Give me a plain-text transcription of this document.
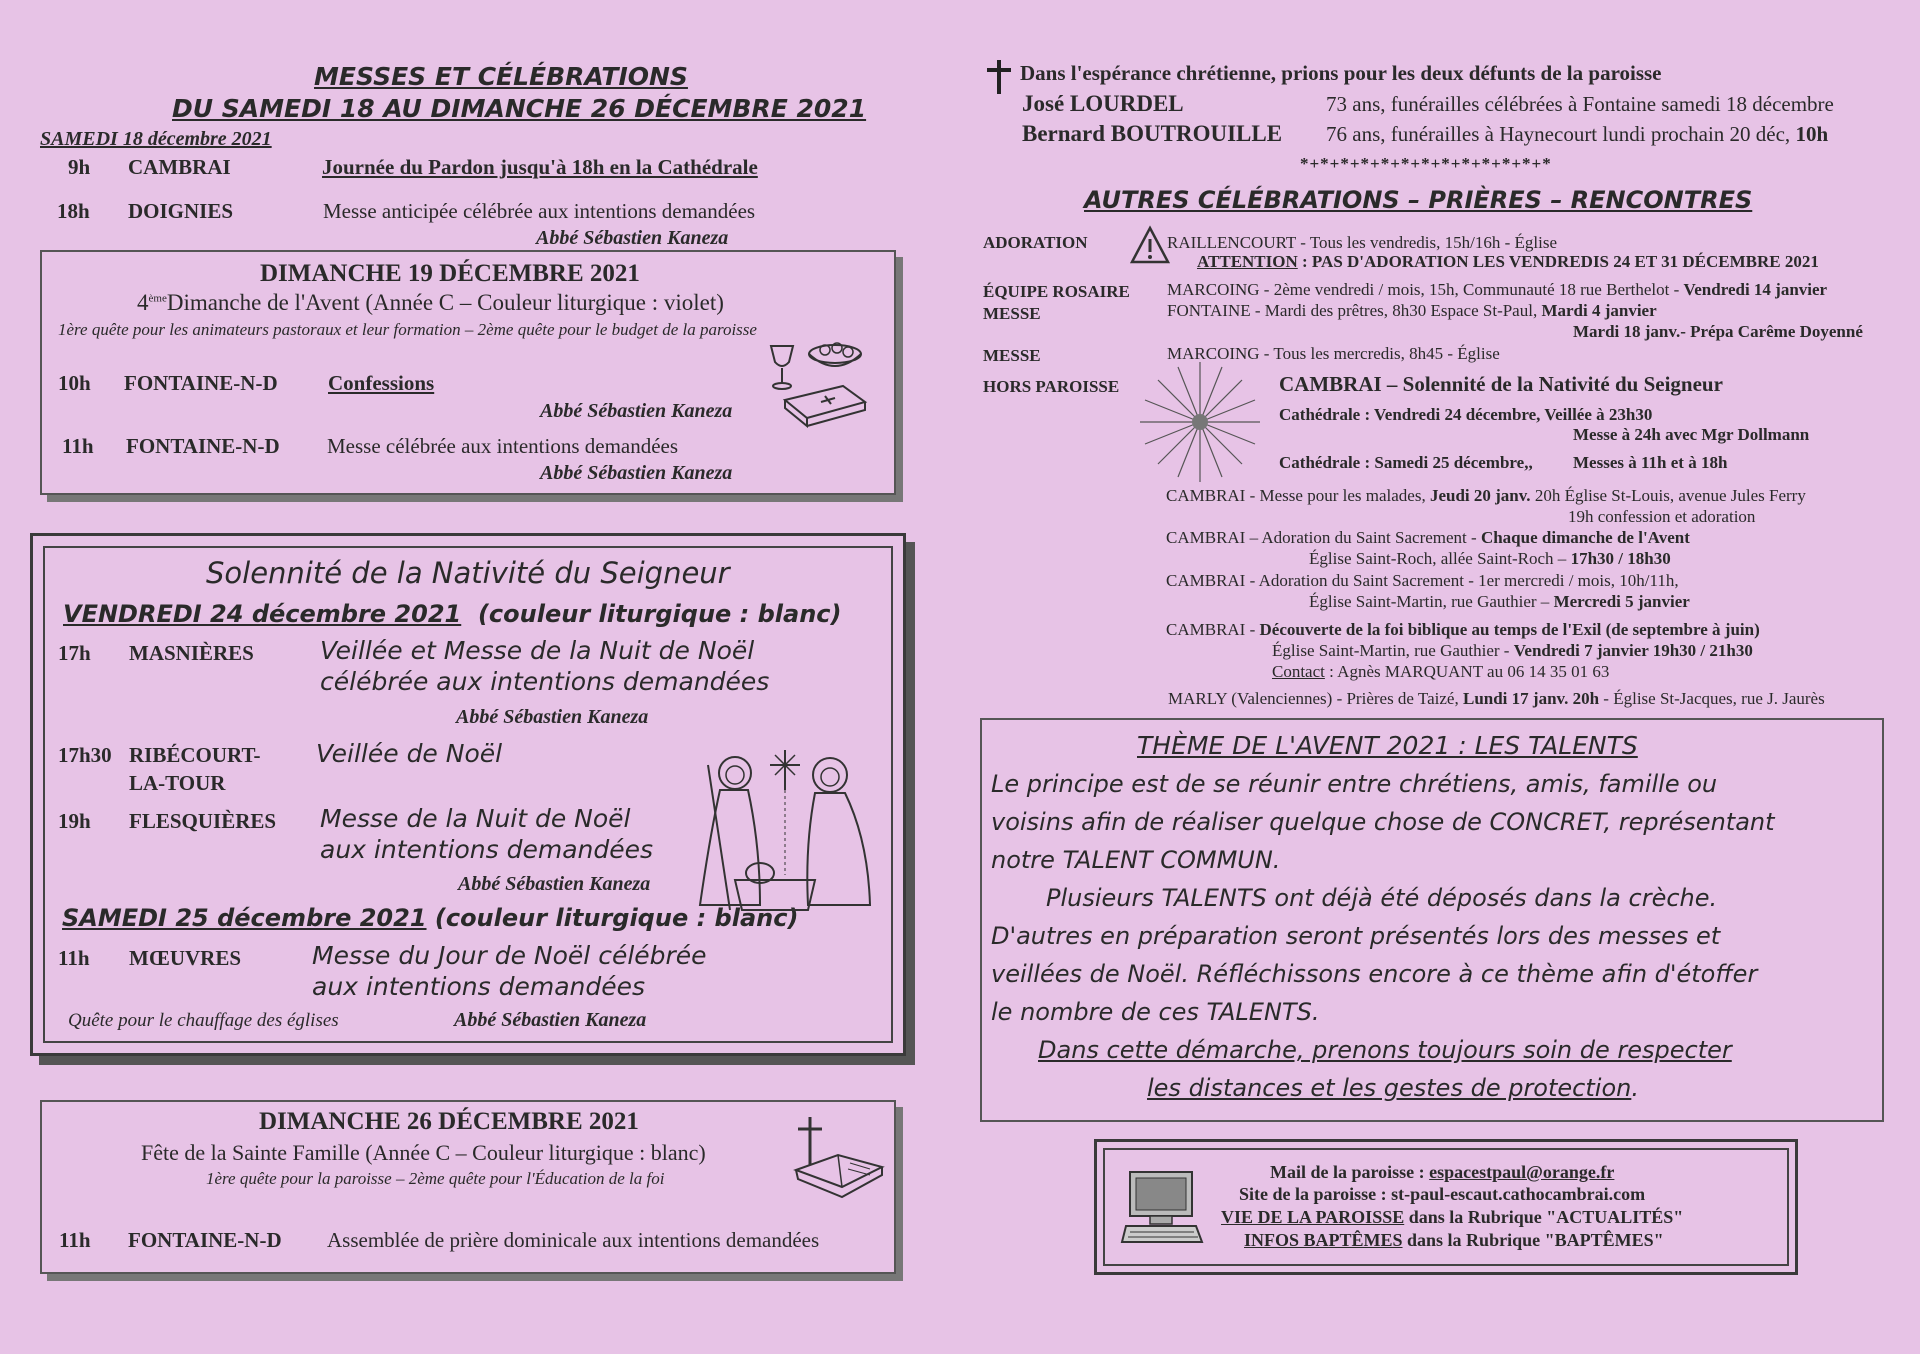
MESSES ET CÉLÉBRATIONS
DU SAMEDI 18 AU DIMANCHE 26 DÉCEMBRE 2021
SAMEDI 18 décembre 2021
9h CAMBRAI	Journée du Pardon jusqu'à 18h en la Cathédrale
18h DOIGNIES	Messe anticipée célébrée aux intentions demandées
Abbé Sébastien Kaneza
DIMANCHE 19 DÉCEMBRE 2021
4èmeDimanche de l'Avent (Année C – Couleur liturgique : violet)
1ère quête pour les animateurs pastoraux et leur formation – 2ème quête pour le budget de la paroisse
10h FONTAINE-N-D Confessions
Abbé Sébastien Kaneza
11h FONTAINE-N-D Messe célébrée aux intentions demandées
Abbé Sébastien Kaneza
Solennité de la Nativité du Seigneur
VENDREDI 24 décembre 2021 (couleur liturgique : blanc)
17h MASNIÈRES	Veillée et Messe de la Nuit de Noël
célébrée aux intentions demandées
Abbé Sébastien Kaneza
17h30 RIBÉCOURT-
LA-TOUR
Veillée de Noël
19h FLESQUIÈRES Messe de la Nuit de Noël
aux intentions demandées
Abbé Sébastien Kaneza
SAMEDI 25 décembre 2021 (couleur liturgique : blanc)
11h MŒUVRES	Messe du Jour de Noël célébrée
aux intentions demandées
Quête pour le chauffage des églises	Abbé Sébastien Kaneza
DIMANCHE 26 DÉCEMBRE 2021
Fête de la Sainte Famille (Année C – Couleur liturgique : blanc)
1ère quête pour la paroisse – 2ème quête pour l'Éducation de la foi
11h FONTAINE-N-D Assemblée de prière dominicale aux intentions demandées
Dans l'espérance chrétienne, prions pour les deux défunts de la paroisse
José LOURDEL	73 ans, funérailles célébrées à Fontaine samedi 18 décembre
Bernard BOUTROUILLE 76 ans, funérailles à Haynecourt lundi prochain 20 déc, 10h
*+*+*+*+*+*+*+*+*+*+*+*+*
AUTRES CÉLÉBRATIONS – PRIÈRES – RENCONTRES
ADORATION	RAILLENCOURT - Tous les vendredis, 15h/16h - Église
ATTENTION : PAS D'ADORATION LES VENDREDIS 24 ET 31 DÉCEMBRE 2021
ÉQUIPE ROSAIRE MARCOING - 2ème vendredi / mois, 15h, Communauté 18 rue Berthelot - Vendredi 14 janvier
MESSE	FONTAINE - Mardi des prêtres, 8h30 Espace St-Paul, Mardi 4 janvier
Mardi 18 janv.- Prépa Carême Doyenné
MESSE	MARCOING - Tous les mercredis, 8h45 - Église
HORS PAROISSE	CAMBRAI – Solennité de la Nativité du Seigneur
Cathédrale : Vendredi 24 décembre, Veillée à 23h30
Messe à 24h avec Mgr Dollmann
Cathédrale : Samedi 25 décembre,, Messes à 11h et à 18h
CAMBRAI - Messe pour les malades, Jeudi 20 janv. 20h Église St-Louis, avenue Jules Ferry
19h confession et adoration
CAMBRAI – Adoration du Saint Sacrement - Chaque dimanche de l'Avent
Église Saint-Roch, allée Saint-Roch – 17h30 / 18h30
CAMBRAI - Adoration du Saint Sacrement - 1er mercredi / mois, 10h/11h,
Église Saint-Martin, rue Gauthier – Mercredi 5 janvier
CAMBRAI - Découverte de la foi biblique au temps de l'Exil (de septembre à juin)
Église Saint-Martin, rue Gauthier - Vendredi 7 janvier 19h30 / 21h30
Contact : Agnès MARQUANT au 06 14 35 01 63
MARLY (Valenciennes) - Prières de Taizé, Lundi 17 janv. 20h - Église St-Jacques, rue J. Jaurès
THÈME DE L'AVENT 2021 : LES TALENTS
Le principe est de se réunir entre chrétiens, amis, famille ou
voisins afin de réaliser quelque chose de CONCRET, représentant
notre TALENT COMMUN.
Plusieurs TALENTS ont déjà été déposés dans la crèche.
D'autres en préparation seront présentés lors des messes et
veillées de Noël. Réfléchissons encore à ce thème afin d'étoffer
le nombre de ces TALENTS.
Dans cette démarche, prenons toujours soin de respecter
les distances et les gestes de protection.
Mail de la paroisse : espacestpaul@orange.fr
Site de la paroisse : st-paul-escaut.cathocambrai.com
VIE DE LA PAROISSE dans la Rubrique "ACTUALITÉS"
INFOS BAPTÊMES dans la Rubrique "BAPTÊMES"
